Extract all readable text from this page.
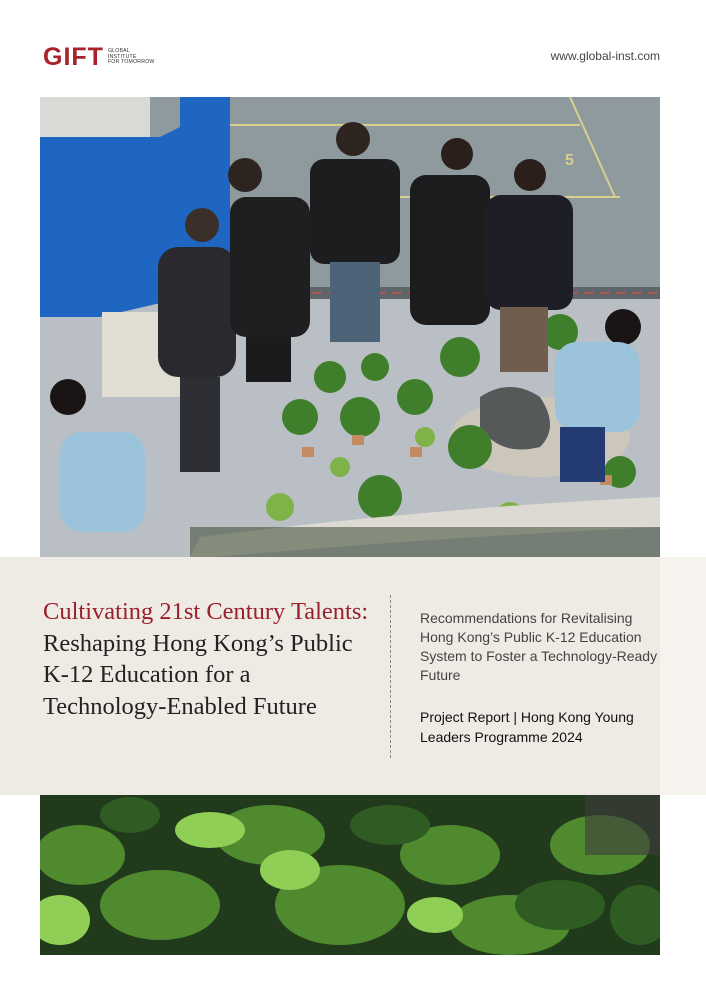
GIFT GLOBAL
INSTITUTE
FOR TOMORROW	www.global-inst.com
5
Cultivating 21st Century Talents: Reshaping Hong Kong’s Public K-12 Education for a Technology-Enabled Future
Recommendations for Revitalising Hong Kong’s Public K-12 Education System to Foster a Technology-Ready Future
Project Report | Hong Kong Young Leaders Programme 2024
